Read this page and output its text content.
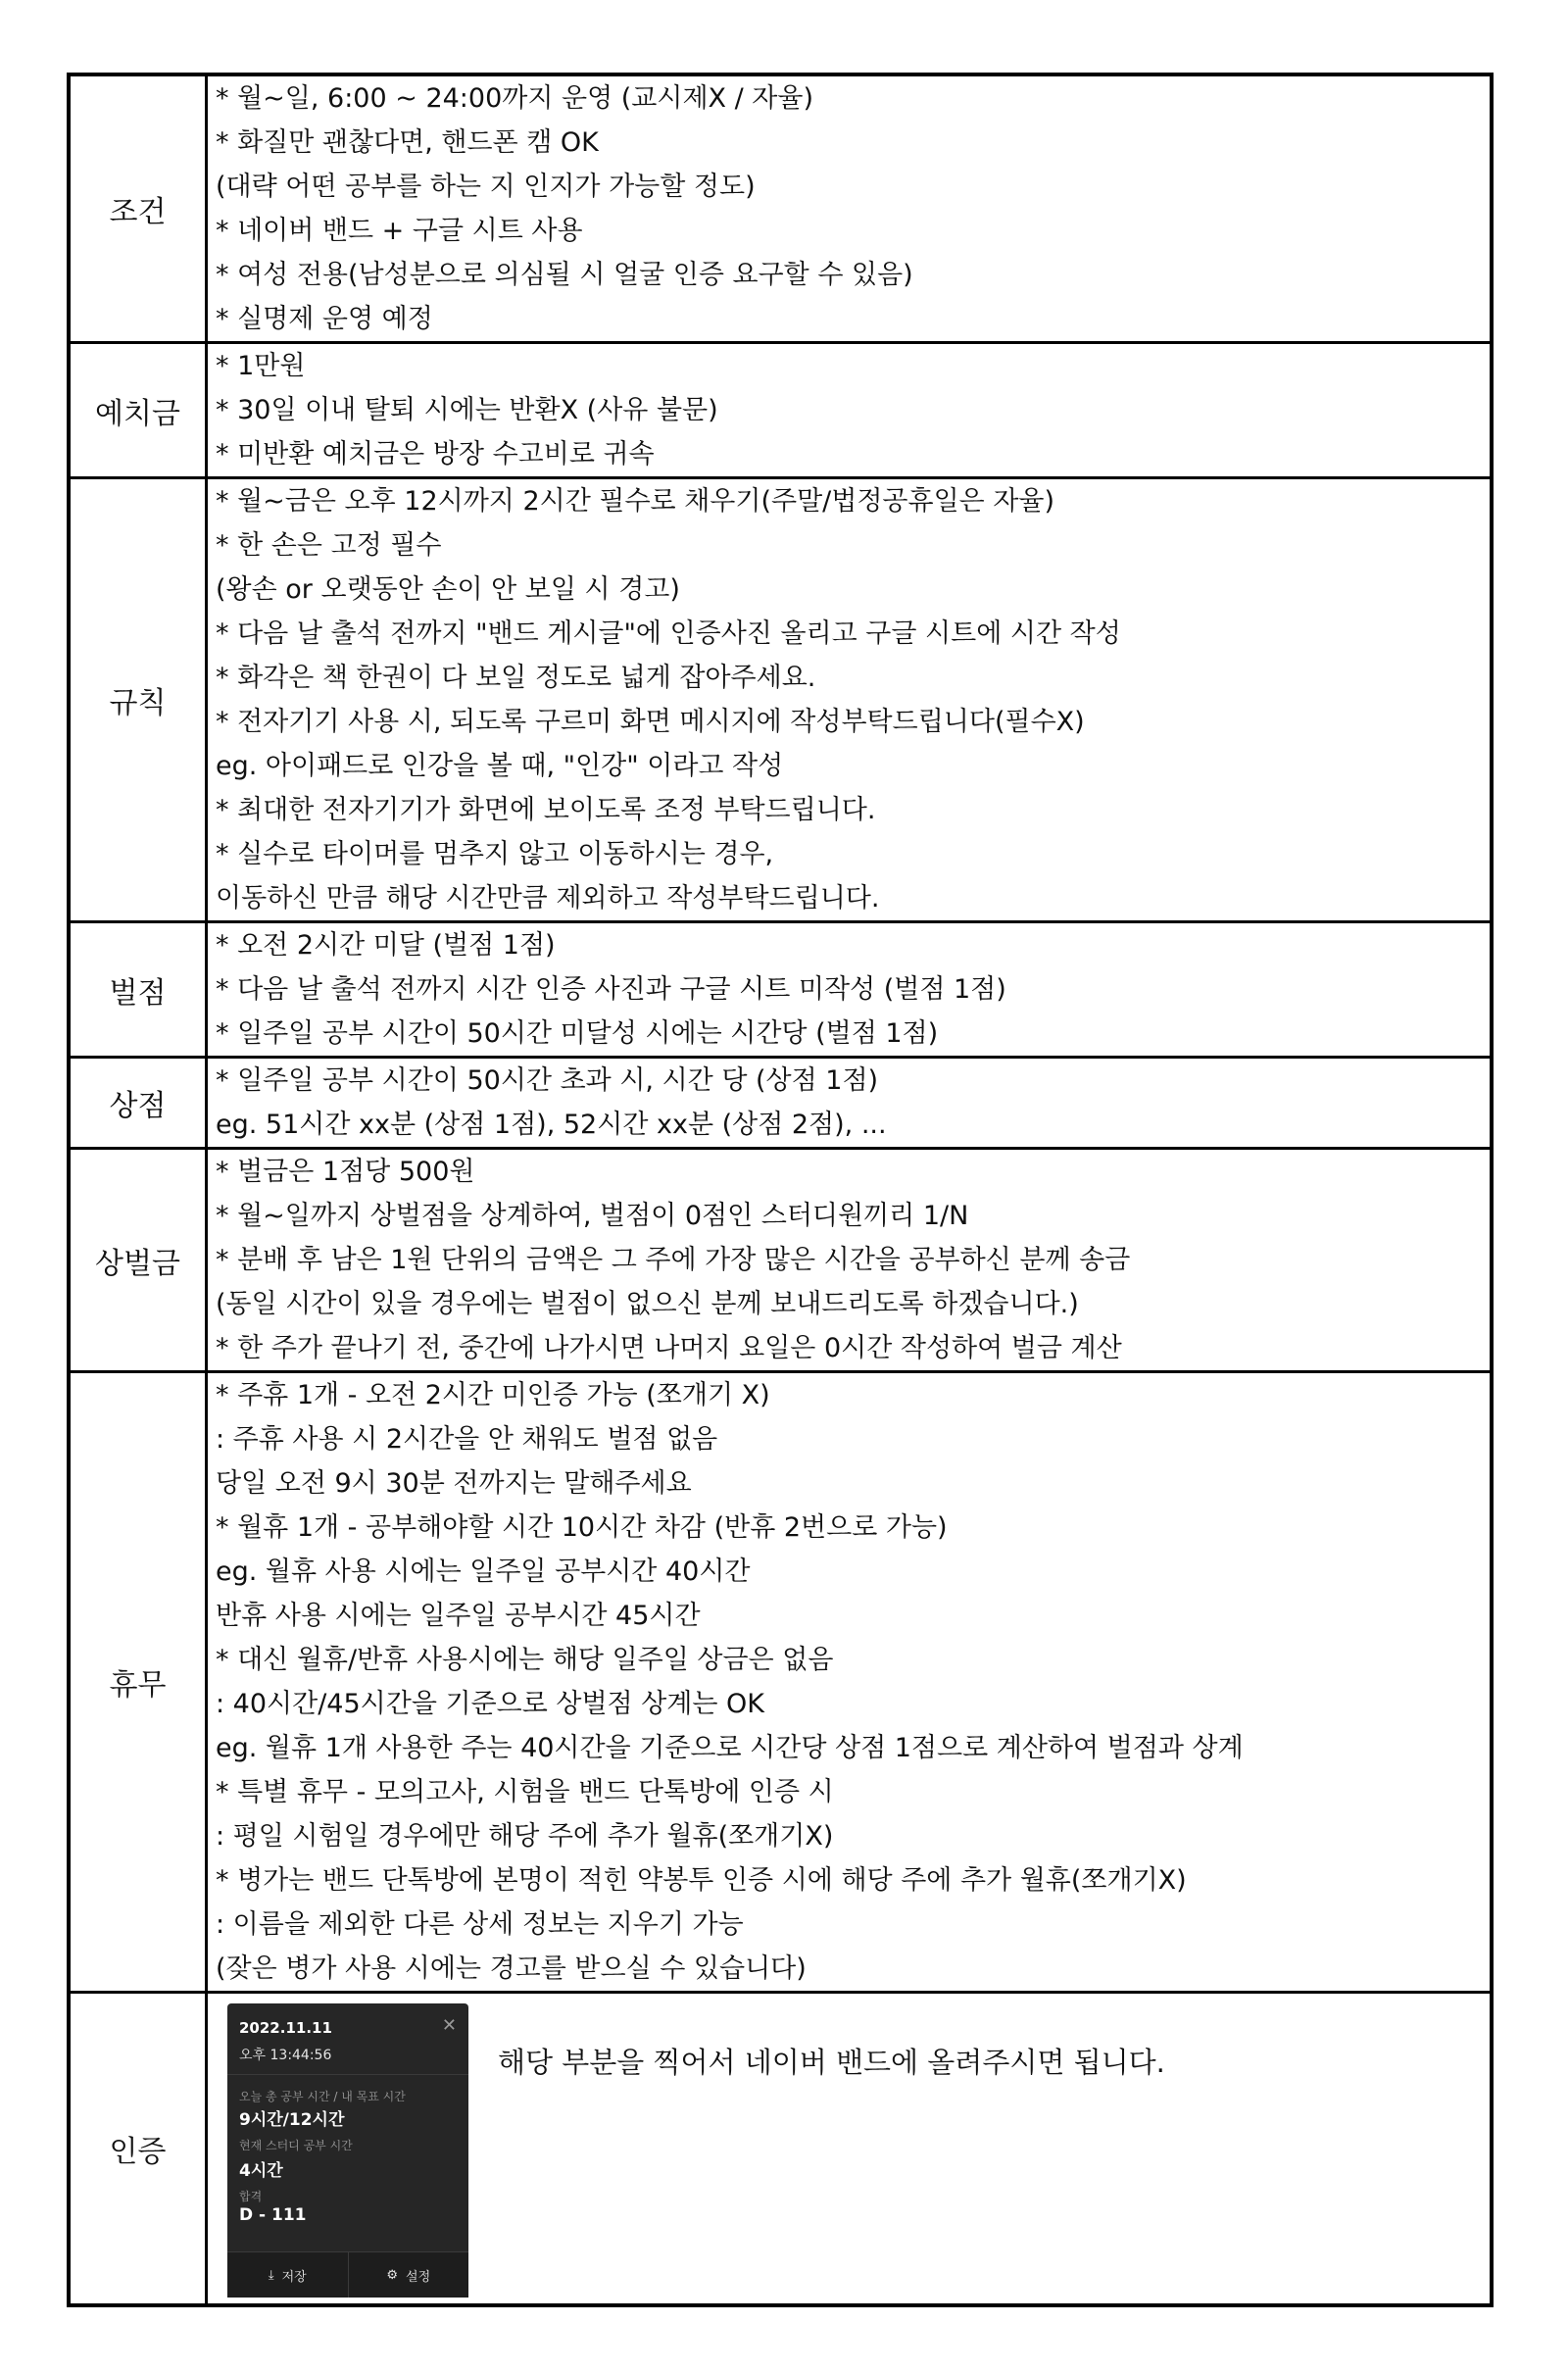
조건
* 월~일, 6:00 ~ 24:00까지 운영 (교시제X / 자율)
* 화질만 괜찮다면, 핸드폰 캠 OK
(대략 어떤 공부를 하는 지 인지가 가능할 정도)
* 네이버 밴드 + 구글 시트 사용
* 여성 전용(남성분으로 의심될 시 얼굴 인증 요구할 수 있음)
* 실명제 운영 예정
예치금
* 1만원
* 30일 이내 탈퇴 시에는 반환X (사유 불문)
* 미반환 예치금은 방장 수고비로 귀속
규칙
* 월~금은 오후 12시까지 2시간 필수로 채우기(주말/법정공휴일은 자율)
* 한 손은 고정 필수
(왕손 or 오랫동안 손이 안 보일 시 경고)
* 다음 날 출석 전까지 "밴드 게시글"에 인증사진 올리고 구글 시트에 시간 작성
* 화각은 책 한권이 다 보일 정도로 넓게 잡아주세요.
* 전자기기 사용 시, 되도록 구르미 화면 메시지에 작성부탁드립니다(필수X)
eg. 아이패드로 인강을 볼 때, "인강" 이라고 작성
* 최대한 전자기기가 화면에 보이도록 조정 부탁드립니다.
* 실수로 타이머를 멈추지 않고 이동하시는 경우,
이동하신 만큼 해당 시간만큼 제외하고 작성부탁드립니다.
벌점
* 오전 2시간 미달 (벌점 1점)
* 다음 날 출석 전까지 시간 인증 사진과 구글 시트 미작성 (벌점 1점)
* 일주일 공부 시간이 50시간 미달성 시에는 시간당 (벌점 1점)
상점
* 일주일 공부 시간이 50시간 초과 시, 시간 당 (상점 1점)
eg. 51시간 xx분 (상점 1점), 52시간 xx분 (상점 2점), ...
상벌금
* 벌금은 1점당 500원
* 월~일까지 상벌점을 상계하여, 벌점이 0점인 스터디원끼리 1/N
* 분배 후 남은 1원 단위의 금액은 그 주에 가장 많은 시간을 공부하신 분께 송금
(동일 시간이 있을 경우에는 벌점이 없으신 분께 보내드리도록 하겠습니다.)
* 한 주가 끝나기 전, 중간에 나가시면 나머지 요일은 0시간 작성하여 벌금 계산
휴무
* 주휴 1개 - 오전 2시간 미인증 가능 (쪼개기 X)
: 주휴 사용 시 2시간을 안 채워도 벌점 없음
당일 오전 9시 30분 전까지는 말해주세요
* 월휴 1개 - 공부해야할 시간 10시간 차감 (반휴 2번으로 가능)
eg. 월휴 사용 시에는 일주일 공부시간 40시간
반휴 사용 시에는 일주일 공부시간 45시간
* 대신 월휴/반휴 사용시에는 해당 일주일 상금은 없음
: 40시간/45시간을 기준으로 상벌점 상계는 OK
eg. 월휴 1개 사용한 주는 40시간을 기준으로 시간당 상점 1점으로 계산하여 벌점과 상계
* 특별 휴무 - 모의고사, 시험을 밴드 단톡방에 인증 시
: 평일 시험일 경우에만 해당 주에 추가 월휴(쪼개기X)
* 병가는 밴드 단톡방에 본명이 적힌 약봉투 인증 시에 해당 주에 추가 월휴(쪼개기X)
: 이름을 제외한 다른 상세 정보는 지우기 가능
(잦은 병가 사용 시에는 경고를 받으실 수 있습니다)
인증
2022.11.11	✕
오후 13:44:56
오늘 총 공부 시간 / 내 목표 시간
9시간/12시간
현재 스터디 공부 시간
4시간
합격
D - 111
⤓ 저장	⚙ 설정
해당 부분을 찍어서 네이버 밴드에 올려주시면 됩니다.
